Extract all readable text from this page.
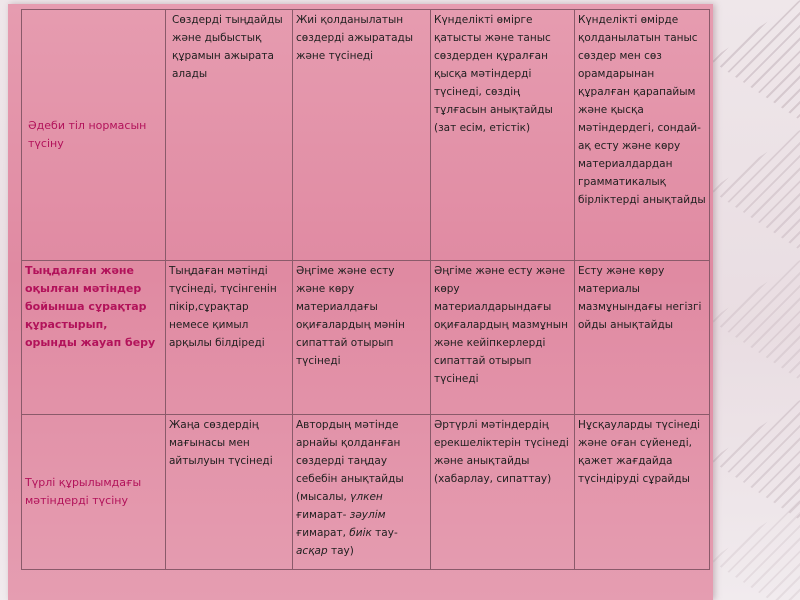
Әдеби тіл нормасын түсіну	Сөздерді тыңдайды және дыбыстық құрамын ажырата алады	Жиі қолданылатын сөздерді ажыратады және түсінеді	Күнделікті өмірге қатысты және таныс сөздерден құралған қысқа мәтіндерді түсінеді, сөздің тұлғасын анықтайды (зат есім, етістік)	Күнделікті өмірде қолданылатын таныс сөздер мен сөз орамдарынан құралған қарапайым және қысқа мәтіндердегі, сондай-ақ есту және көру материалдардан грамматикалық бірліктерді анықтайды
Тыңдалған және оқылған мәтіндер бойынша сұрақтар құрастырып, орынды жауап беру	Тыңдаған мәтінді түсінеді, түсінгенін пікір,сұрақтар немесе қимыл арқылы білдіреді	Әңгіме және есту және көру материалдағы оқиғалардың мәнін сипаттай отырып түсінеді	Әңгіме және есту және көру материалдарындағы оқиғалардың мазмұнын және кейіпкерлерді сипаттай отырып түсінеді	Есту және көру материалы мазмұнындағы негізгі ойды анықтайды
Түрлі құрылымдағы мәтіндерді түсіну	Жаңа сөздердің мағынасы мен айтылуын түсінеді	Автордың мәтінде арнайы қолданған сөздерді таңдау себебін анықтайды (мысалы, үлкен ғимарат- зәулім ғимарат, биік тау- асқар тау)	Әртүрлі мәтіндердің ерекшеліктерін түсінеді және анықтайды (хабарлау, сипаттау)	Нұсқауларды түсінеді және оған сүйенеді, қажет жағдайда түсіндіруді сұрайды
